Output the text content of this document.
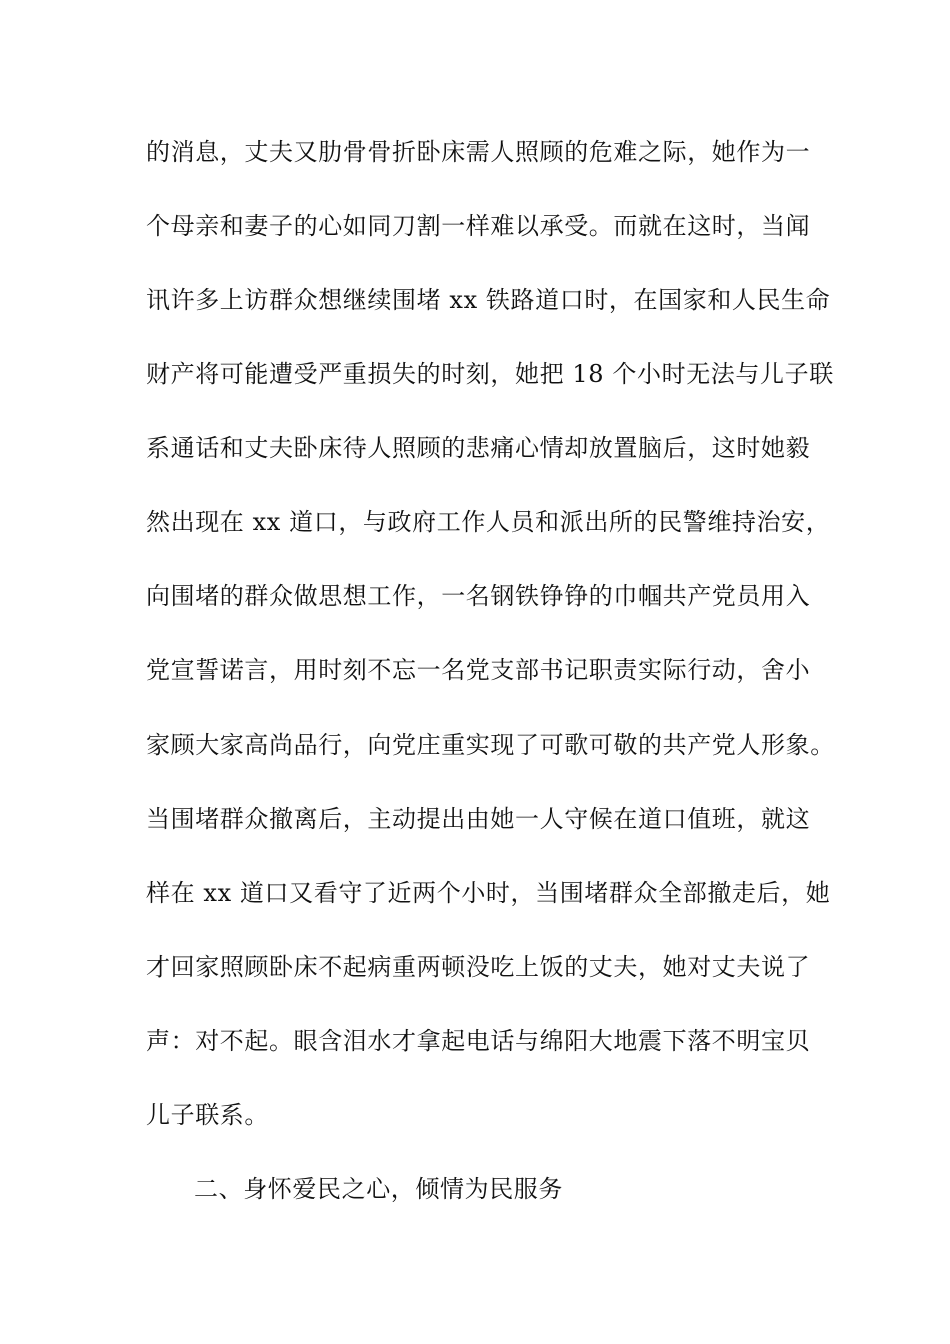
的消息，丈夫又肋骨骨折卧床需人照顾的危难之际，她作为一
个母亲和妻子的心如同刀割一样难以承受。而就在这时，当闻
讯许多上访群众想继续围堵 xx 铁路道口时，在国家和人民生命
财产将可能遭受严重损失的时刻，她把 18 个小时无法与儿子联
系通话和丈夫卧床待人照顾的悲痛心情却放置脑后，这时她毅
然出现在 xx 道口，与政府工作人员和派出所的民警维持治安，
向围堵的群众做思想工作，一名钢铁铮铮的巾帼共产党员用入
党宣誓诺言，用时刻不忘一名党支部书记职责实际行动，舍小
家顾大家高尚品行，向党庄重实现了可歌可敬的共产党人形象。
当围堵群众撤离后，主动提出由她一人守候在道口值班，就这
样在 xx 道口又看守了近两个小时，当围堵群众全部撤走后，她
才回家照顾卧床不起病重两顿没吃上饭的丈夫，她对丈夫说了
声：对不起。眼含泪水才拿起电话与绵阳大地震下落不明宝贝
儿子联系。
二、身怀爱民之心，倾情为民服务
